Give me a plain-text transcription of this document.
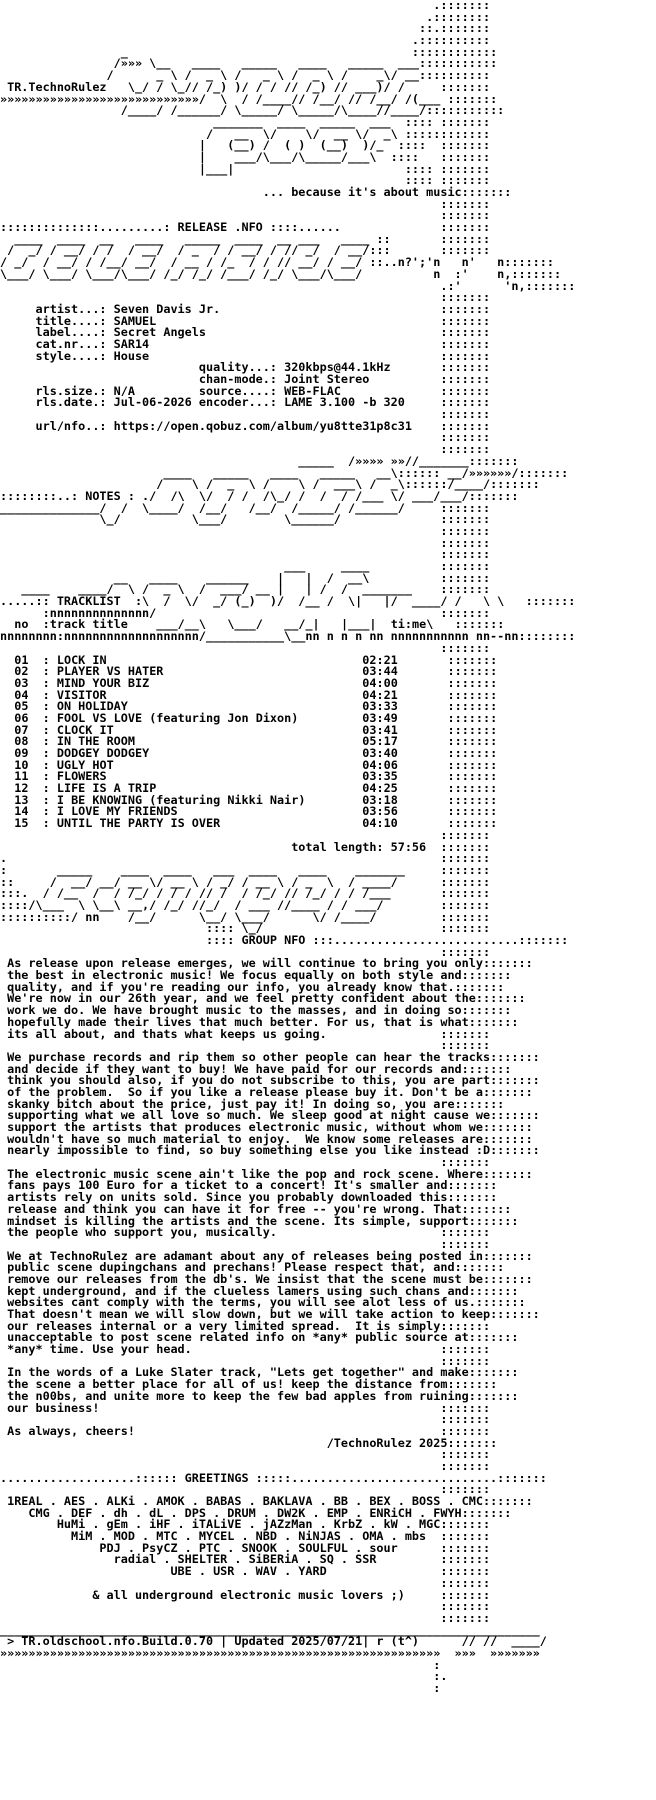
.:::::::
.::::::::
::.:::::::
.::::::::::
_                                        ::::::::::::
/»»» \__   ____   _____   ____   _____  ___:::::::::::
/      _ \ /  _ \ /   _ \ /  _ \ /    _\/ __::::::::::
TR.TechnoRulez   \_/ / \_// /_) )/ / / // /_) // ___)/ /     :::::::
»»»»»»»»»»»»»»»»»»»»»»»»»»»»/  \  / /____// /__/ // /__/ /(___ :::::::
/____/ /______/ \_____/ \_____/\____//____/:::::::::::
_______  ____  _____  ___  :::: :::::::
/   __  \/    \/  __ \/  _\ ::::::::::::
|   (__) /  ( )  (__)  )/_  ::::  :::::::
|    ___/\___/\_____/___\  ::::   :::::::
|___|                        :::: :::::::
:::: :::::::
... because it's about music:::::::
:::::::
:::::::
::::::::::::::.........: RELEASE .NFO ::::......              :::::::
____  ____  __   ____   _____  ____  __ ___   ____ ::       :::::::
/  _/ / __/ / /  / __/  / _  / / __/ / // _/  / __/:::       :::::::
/ _/  / __/ / /__/ __/  / __ / /_  / / // __/ / __/ ::..n?';'n   n'   n:::::::
\___/ \___/ \___/\___/ /_/ /_/ /___/ /_/ \___/\___/          n  :'    n,:::::::
.:'      'n,:::::::
:::::::
artist...: Seven Davis Jr.                               :::::::
title....: SAMUEL                                        :::::::
label....: Secret Angels                                 :::::::
cat.nr...: SAR14                                         :::::::
style....: House                                         :::::::
quality...: 320kbps@44.1kHz       :::::::
chan-mode.: Joint Stereo          :::::::
rls.size.: N/A	source....: WEB-FLAC	:::::::
rls.date.: Jul-06-2026 encoder...: LAME 3.100 -b 320	:::::::
:::::::
url/nfo..: https://open.qobuz.com/album/yu8tte31p8c31    :::::::
:::::::
:::::::
_____  /»»»» »»//_______:::::::
____   _____   ____   _____   __\:::::: __/»»»»»»/:::::::
/    \ /  _  \ /    \ /  ___\ /  _\::::::/____/:::::::
::::::::..: NOTES : ./  /\  \/  / /  /\_/ /  /  / /___ \/ ___/___/:::::::
______________/  /  \____/  /__/   /__/  /_____/ /______/     :::::::
\_/          \___/        \______/              :::::::
:::::::
:::::::
:::::::
___     ____          :::::::
__   ____    ______    |   |  /  __\          :::::::
____    ____/  \ /  _ \  /  ___/ __ |   | /  /  _______    :::::::
.....:: TRACKLIST  :\  /  \/  _/ (_)  )/  /__ /  \|   |/  ____/ /   \ \   :::::::
:nnnnnnnnnnnnnn/                                        :::::::
no  :track title    ___/__\   \___/   __/_|   |___|  ti:me\   :::::::
nnnnnnnn:nnnnnnnnnnnnnnnnnnn/___________\__nn n n n nn nnnnnnnnnnn nn--nn::::::::
:::::::
01  : LOCK IN	02:21	:::::::
02  : PLAYER VS HATER	03:44	:::::::
03  : MIND YOUR BIZ	04:00	:::::::
04  : VISITOR	04:21	:::::::
05  : ON HOLIDAY	03:33	:::::::
06  : FOOL VS LOVE (featuring Jon Dixon)	03:49	:::::::
07  : CLOCK IT	03:41	:::::::
08  : IN THE ROOM	05:17	:::::::
09  : DODGEY DODGEY	03:40	:::::::
10  : UGLY HOT	04:06	:::::::
11  : FLOWERS	03:35	:::::::
12  : LIFE IS A TRIP	04:25	:::::::
13  : I BE KNOWING (featuring Nikki Nair)	03:18	:::::::
14  : I LOVE MY FRIENDS	03:56	:::::::
15  : UNTIL THE PARTY IS OVER	04:10	:::::::
:::::::
total length: 57:56  :::::::
.                                                             :::::::
:       _____    ____  ____   ___  ____   ____    _______     :::::::
::     /  __/ __/ __ \/ __ \ / _/ / __ \ / _  \  / ____/      :::::::
:::.  / /__  /  / /_/ / / / // /  / /_/ // /_/ / / /___       :::::::
::::/\___  \ \__\ __,/ /_/ //_/  / ___ //____ / / ___/        :::::::
::::::::::/ nn    /__/      \__/ \___/      \/ /____/         :::::::
:::: \_/                         :::::::
:::: GROUP NFO :::..........................:::::::
:::::::
As release upon release emerges, we will continue to bring you only:::::::
the best in electronic music! We focus equally on both style and:::::::
quality, and if you're reading our info, you already know that.:::::::
We're now in our 26th year, and we feel pretty confident about the:::::::
work we do. We have brought music to the masses, and in doing so:::::::
hopefully made their lives that much better. For us, that is what:::::::
its all about, and thats what keeps us going.                :::::::
:::::::
We purchase records and rip them so other people can hear the tracks:::::::
and decide if they want to buy! We have paid for our records and:::::::
think you should also, if you do not subscribe to this, you are part:::::::
of the problem.  So if you like a release please buy it. Don't be a:::::::
skanky bitch about the price, just pay it! In doing so, you are:::::::
supporting what we all love so much. We sleep good at night cause we:::::::
support the artists that produces electronic music, without whom we:::::::
wouldn't have so much material to enjoy.  We know some releases are:::::::
nearly impossible to find, so buy something else you like instead :D:::::::
:::::::
The electronic music scene ain't like the pop and rock scene. Where:::::::
fans pays 100 Euro for a ticket to a concert! It's smaller and:::::::
artists rely on units sold. Since you probably downloaded this:::::::
release and think you can have it for free -- you're wrong. That:::::::
mindset is killing the artists and the scene. Its simple, support:::::::
the people who support you, musically.                       :::::::
:::::::
We at TechnoRulez are adamant about any of releases being posted in:::::::
public scene dupingchans and prechans! Please respect that, and:::::::
remove our releases from the db's. We insist that the scene must be:::::::
kept underground, and if the clueless lamers using such chans and:::::::
websites cant comply with the terms, you will see alot less of us.:::::::
That doesn't mean we will slow down, but we will take action to keep:::::::
our releases internal or a very limited spread.  It is simply:::::::
unacceptable to post scene related info on *any* public source at:::::::
*any* time. Use your head.                                   :::::::
:::::::
In the words of a Luke Slater track, "Lets get together" and make:::::::
the scene a better place for all of us! keep the distance from:::::::
the n00bs, and unite more to keep the few bad apples from ruining:::::::
our business!                                                :::::::
:::::::
As always, cheers!                                           :::::::
/TechnoRulez 2025:::::::
:::::::
:::::::
...................:::::: GREETINGS :::::.............................:::::::
:::::::
1REAL . AES . ALKi . AMOK . BABAS . BAKLAVA . BB . BEX . BOSS . CMC:::::::
CMG . DEF . dh . dL . DPS . DRUM . DW2K . EMP . ENRiCH . FWYH:::::::
HuMi . gEm . iHF . iTALiVE . jAZzMan . KrbZ . kW . MGC:::::::
MiM . MOD . MTC . MYCEL . NBD . NiNJAS . OMA . mbs  :::::::
PDJ . PsyCZ . PTC . SNOOK . SOULFUL . sour      :::::::
radial . SHELTER . SiBERiA . SQ . SSR         :::::::
UBE . USR . WAV . YARD                :::::::
:::::::
& all underground electronic music lovers ;)     :::::::
:::::::
:::::::
____________________________________________________________________________
> TR.oldschool.nfo.Build.0.70 | Updated 2025/07/21| r (t^)      // //  ____/
»»»»»»»»»»»»»»»»»»»»»»»»»»»»»»»»»»»»»»»»»»»»»»»»»»»»»»»»»»»»»»  »»»  »»»»»»»
:
:.
:
